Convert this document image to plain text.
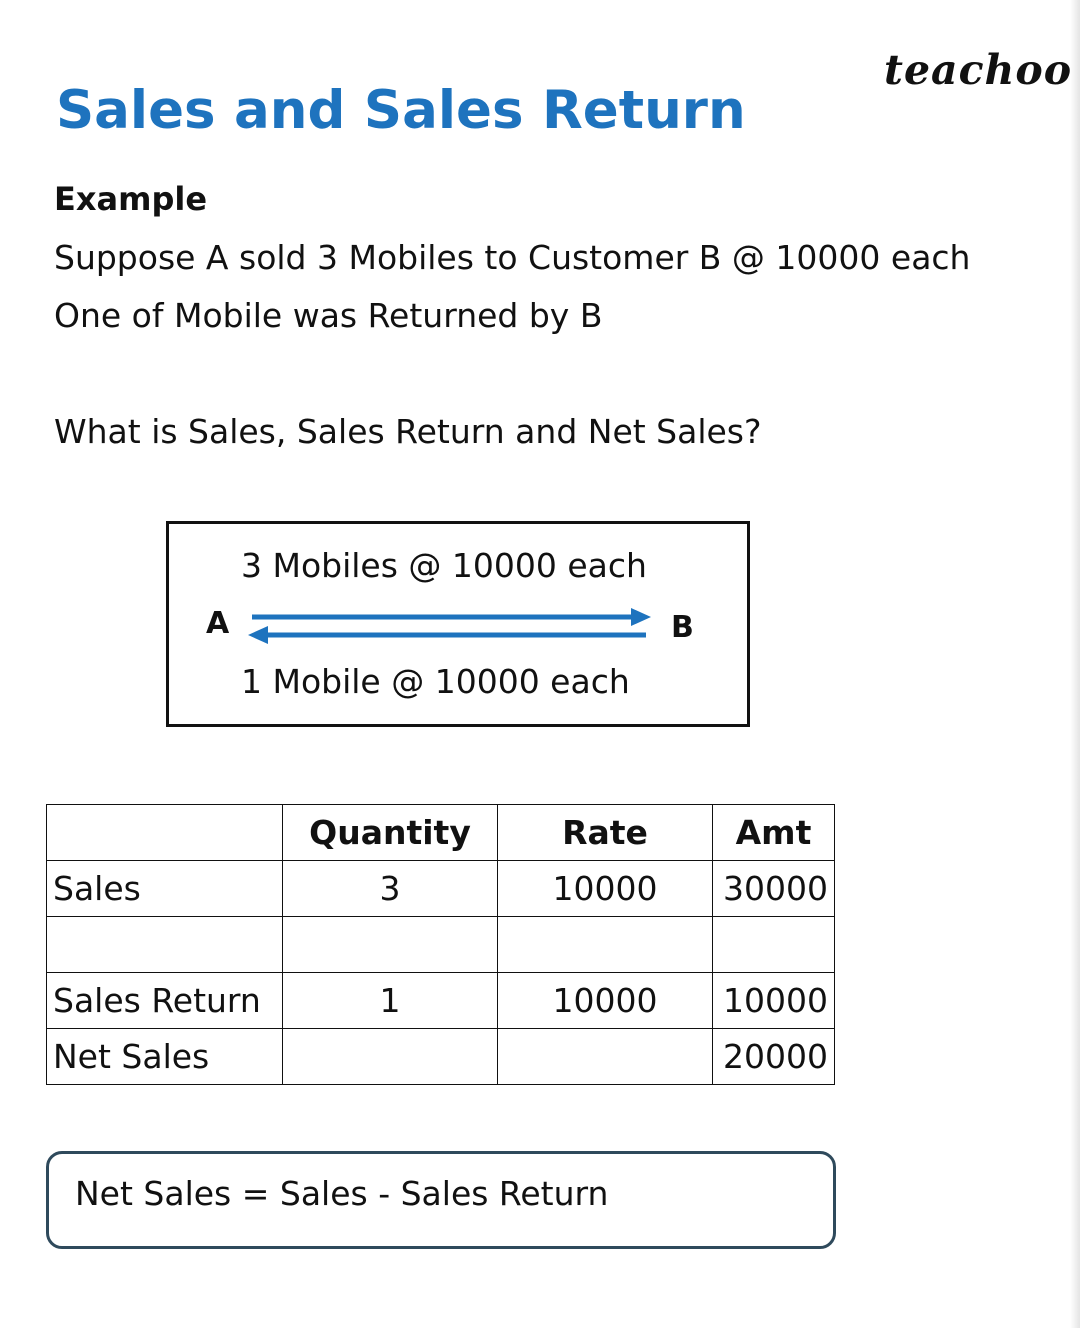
teachoo
Sales and Sales Return
Example
Suppose A sold 3 Mobiles to Customer B @ 10000 each
One of Mobile was Returned by B
What is Sales, Sales Return and Net Sales?
3 Mobiles @ 10000 each
A	B
1 Mobile @ 10000 each
	Quantity	Rate	Amt
Sales	3	10000	30000

Sales Return	1	10000	10000
Net Sales			20000
Net Sales = Sales - Sales Return
